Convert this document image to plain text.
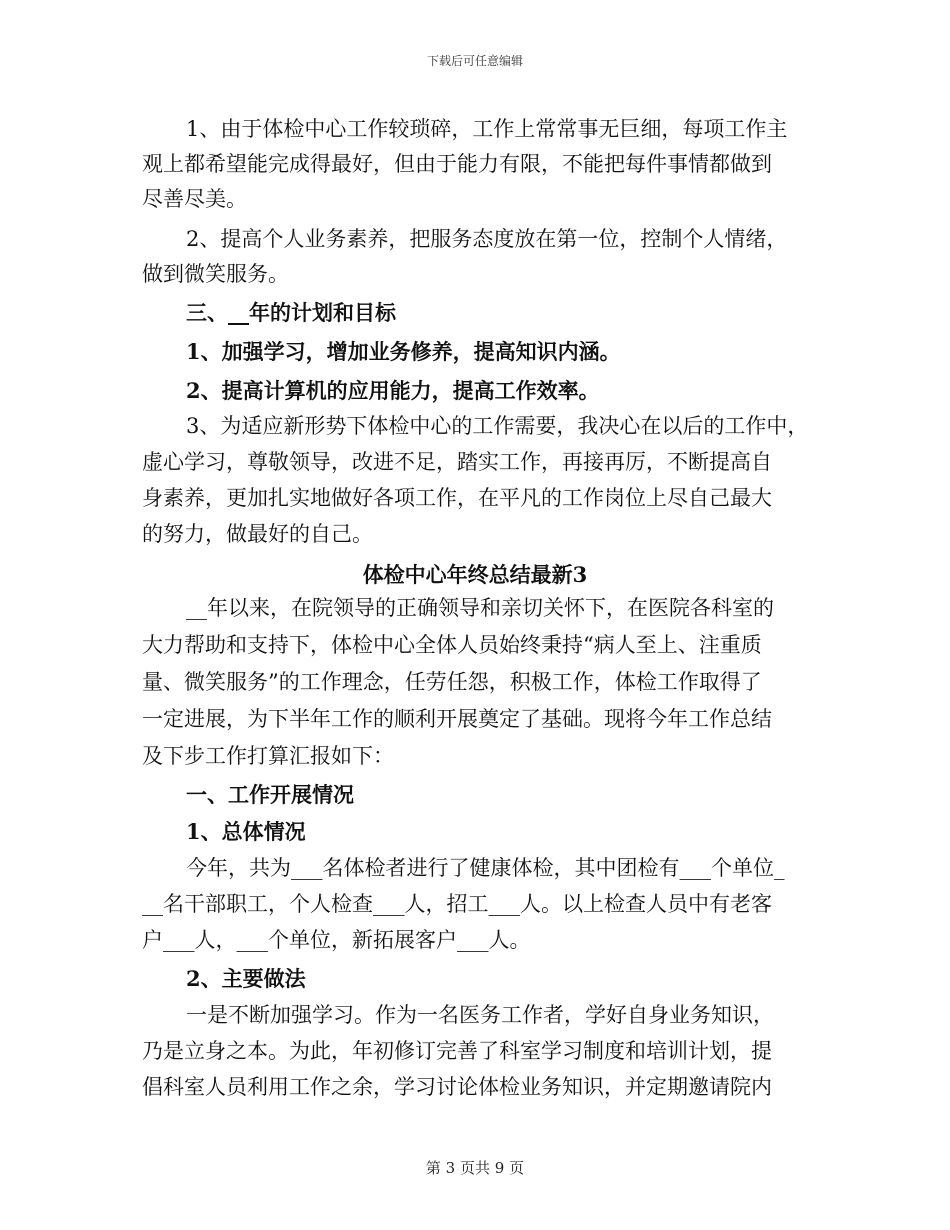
下载后可任意编辑
1、由于体检中心工作较琐碎，工作上常常事无巨细，每项工作主
观上都希望能完成得最好，但由于能力有限，不能把每件事情都做到
尽善尽美。
2、提高个人业务素养，把服务态度放在第一位，控制个人情绪，
做到微笑服务。
三、__年的计划和目标
1、加强学习，增加业务修养，提高知识内涵。
2、提高计算机的应用能力，提高工作效率。
3、为适应新形势下体检中心的工作需要，我决心在以后的工作中，
虚心学习，尊敬领导，改进不足，踏实工作，再接再厉，不断提高自
身素养，更加扎实地做好各项工作，在平凡的工作岗位上尽自己最大
的努力，做最好的自己。
体检中心年终总结最新3
__年以来，在院领导的正确领导和亲切关怀下，在医院各科室的
大力帮助和支持下，体检中心全体人员始终秉持“病人至上、注重质
量、微笑服务”的工作理念，任劳任怨，积极工作，体检工作取得了
一定进展，为下半年工作的顺利开展奠定了基础。现将今年工作总结
及下步工作打算汇报如下：
一、工作开展情况
1、总体情况
今年，共为___名体检者进行了健康体检，其中团检有___个单位_
__名干部职工，个人检查___人，招工___人。以上检查人员中有老客
户___人，___个单位，新拓展客户___人。
2、主要做法
一是不断加强学习。作为一名医务工作者，学好自身业务知识，
乃是立身之本。为此，年初修订完善了科室学习制度和培训计划，提
倡科室人员利用工作之余，学习讨论体检业务知识，并定期邀请院内
第 3 页共 9 页
